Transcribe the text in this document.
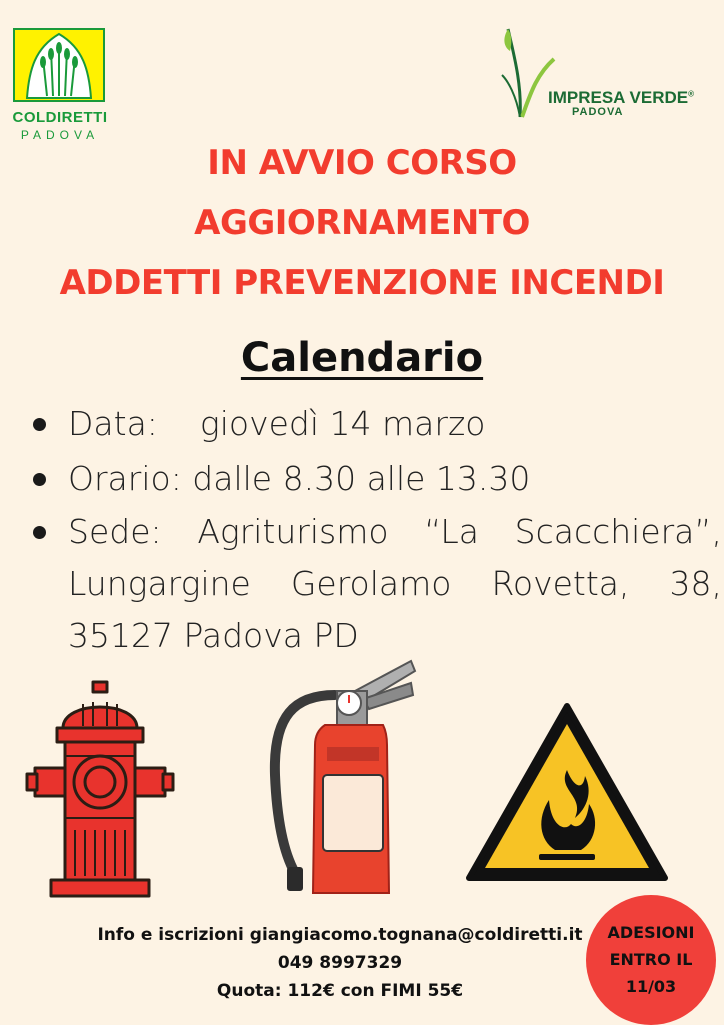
COLDIRETTI
PADOVA
IMPRESA VERDE®
PADOVA
IN AVVIO CORSO
AGGIORNAMENTO
ADDETTI PREVENZIONE INCENDI
Calendario
Data: giovedì 14 marzo
Orario: dalle 8.30 alle 13.30
Sede: Agriturismo “La Scacchiera”,
Lungargine Gerolamo Rovetta, 38,
35127 Padova PD
Info e iscrizioni giangiacomo.tognana@coldiretti.it
049 8997329
Quota: 112€ con FIMI 55€
ADESIONI
ENTRO IL
11/03
